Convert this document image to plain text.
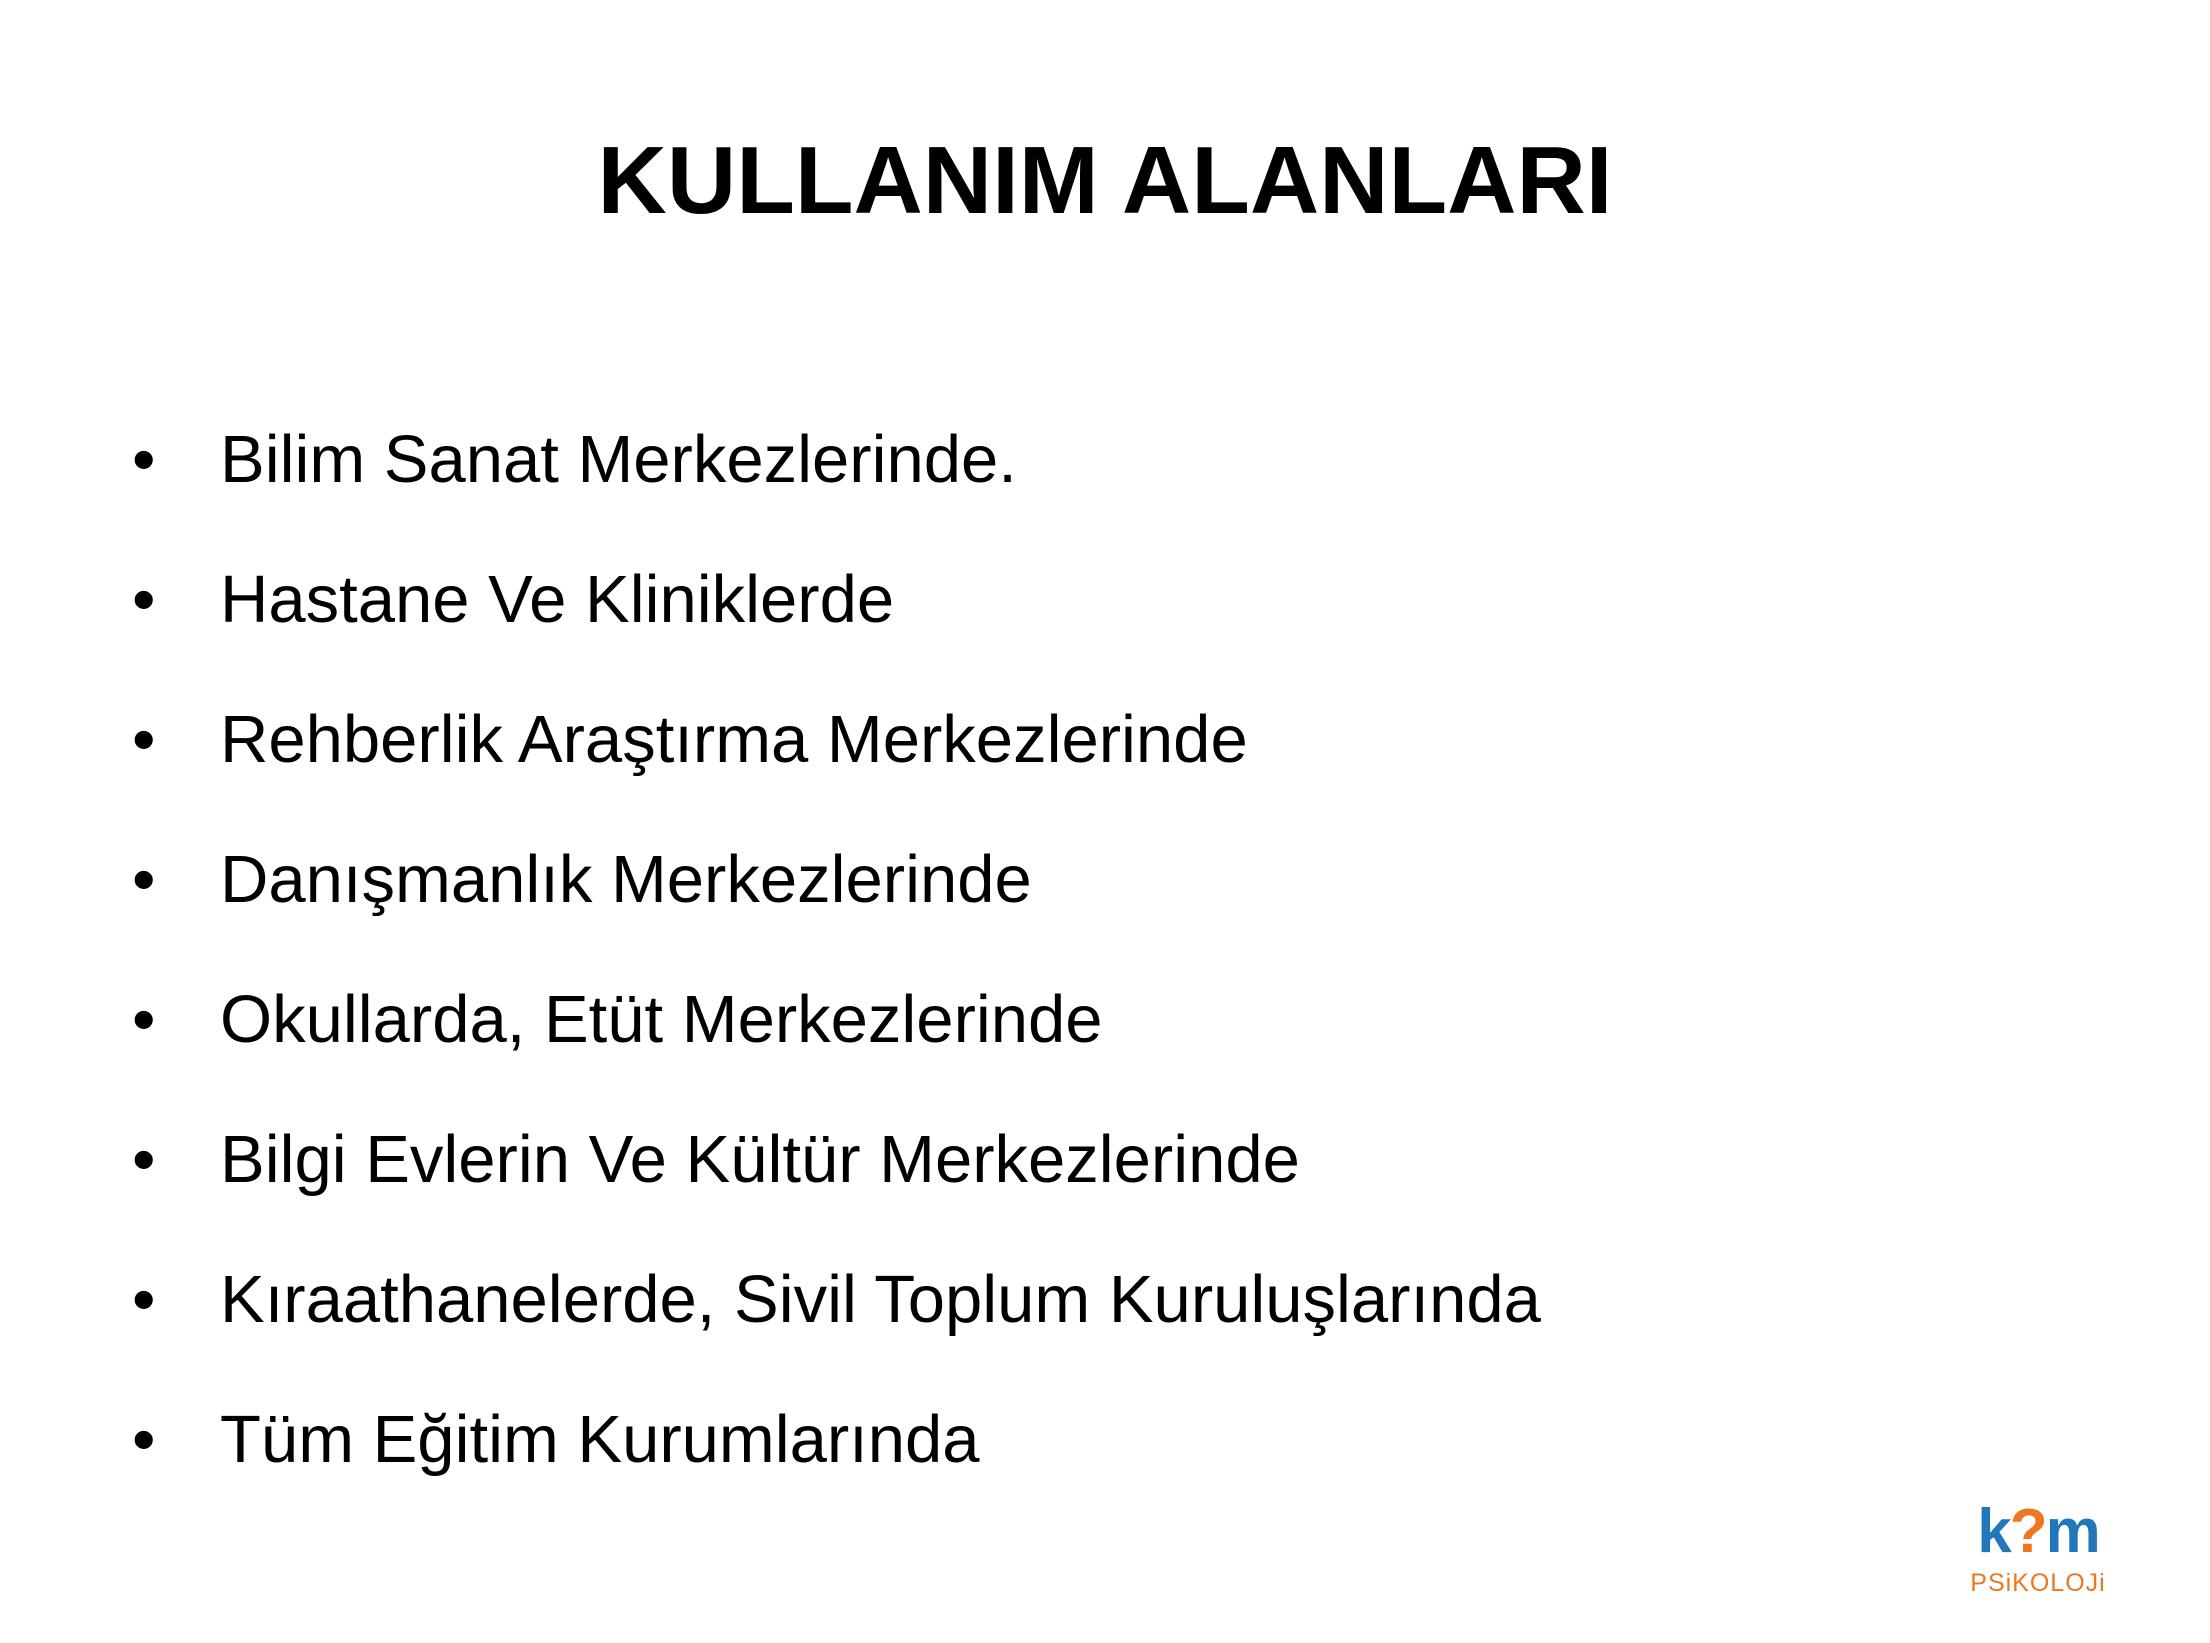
KULLANIM ALANLARI
• Bilim Sanat Merkezlerinde.
• Hastane Ve Kliniklerde
• Rehberlik Araştırma Merkezlerinde
• Danışmanlık Merkezlerinde
• Okullarda, Etüt Merkezlerinde
• Bilgi Evlerin Ve Kültür Merkezlerinde
• Kıraathanelerde, Sivil Toplum Kuruluşlarında
• Tüm Eğitim Kurumlarında
k?m
PSiKOLOJi
